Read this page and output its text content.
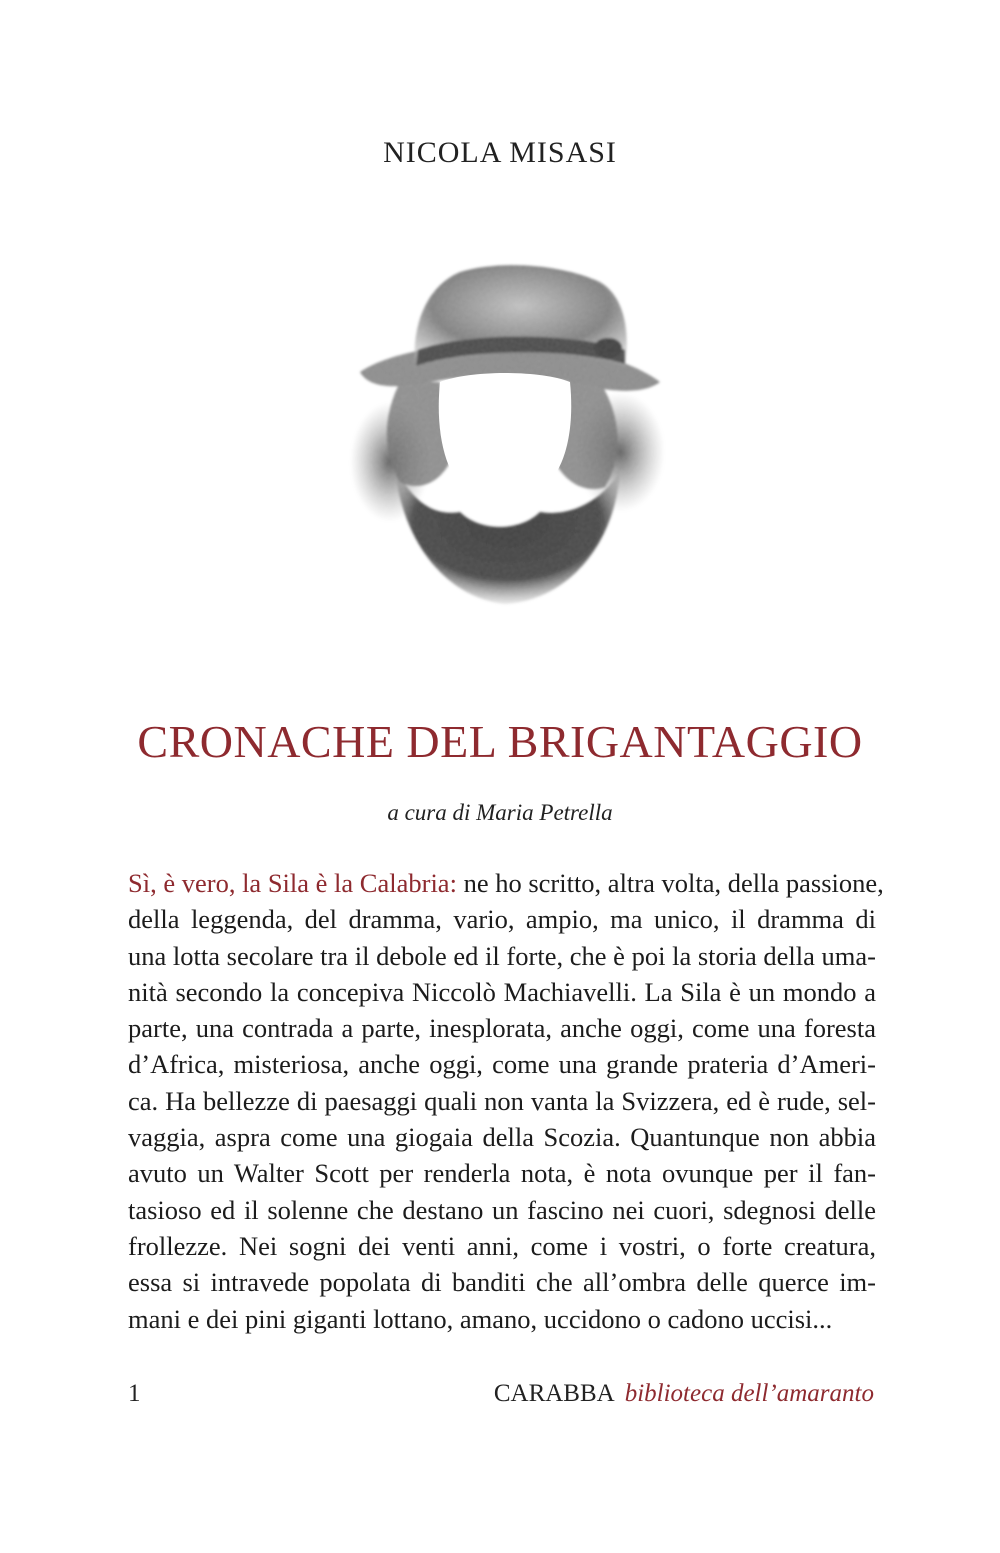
NICOLA MISASI
CRONACHE DEL BRIGANTAGGIO
a cura di Maria Petrella
Sì, è vero, la Sila è la Calabria: ne ho scritto, altra volta, della passione,
della leggenda, del dramma, vario, ampio, ma unico, il dramma di
una lotta secolare tra il debole ed il forte, che è poi la storia della uma-
nità secondo la concepiva Niccolò Machiavelli. La Sila è un mondo a
parte, una contrada a parte, inesplorata, anche oggi, come una foresta
d’Africa, misteriosa, anche oggi, come una grande prateria d’Ameri-
ca. Ha bellezze di paesaggi quali non vanta la Svizzera, ed è rude, sel-
vaggia, aspra come una giogaia della Scozia. Quantunque non abbia
avuto un Walter Scott per renderla nota, è nota ovunque per il fan-
tasioso ed il solenne che destano un fascino nei cuori, sdegnosi delle
frollezze. Nei sogni dei venti anni, come i vostri, o forte creatura,
essa si intravede popolata di banditi che all’ombra delle querce im-
mani e dei pini giganti lottano, amano, uccidono o cadono uccisi...
1	CARABBA biblioteca dell’amaranto
